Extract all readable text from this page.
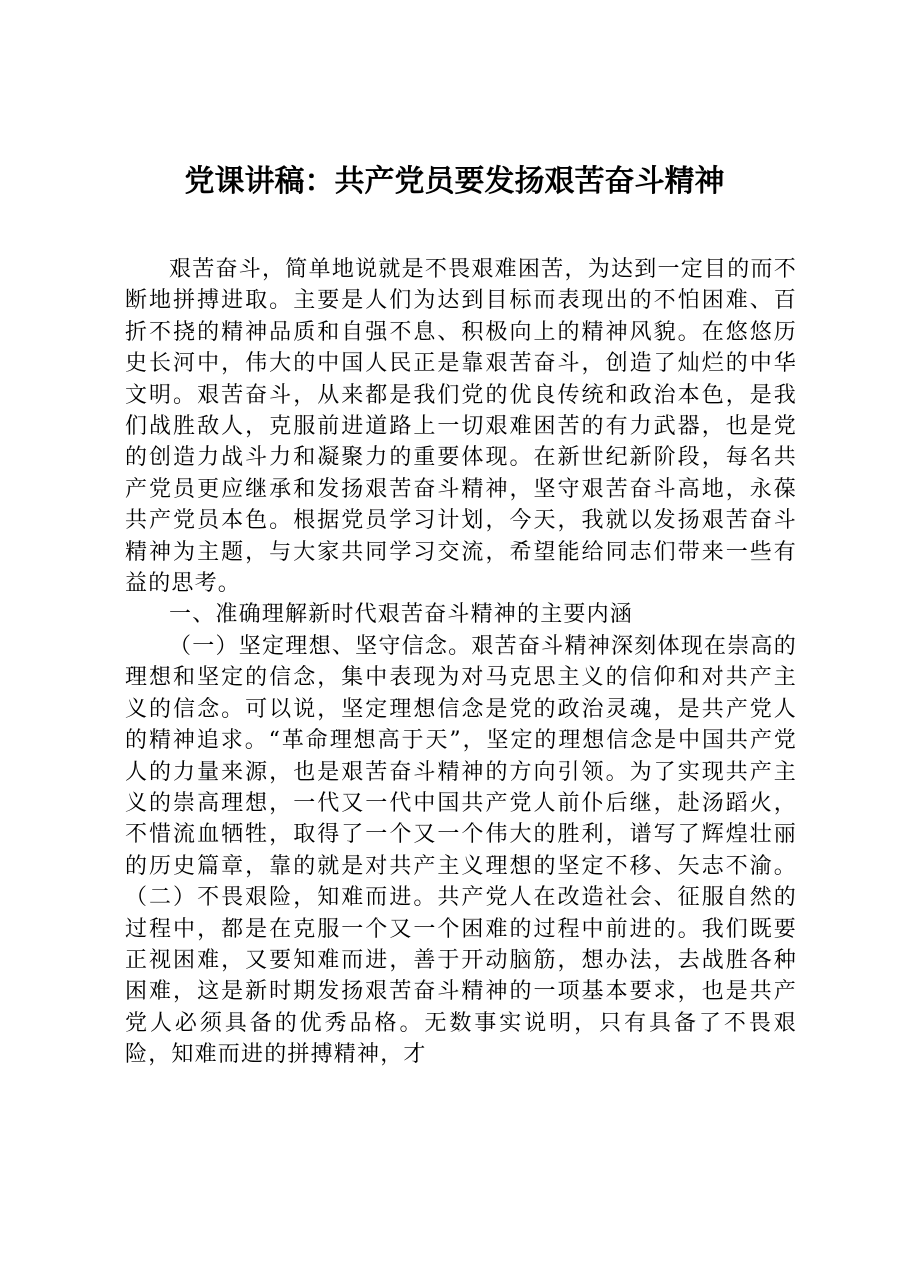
党课讲稿：共产党员要发扬艰苦奋斗精神

艰苦奋斗，简单地说就是不畏艰难困苦，为达到一定目的而不断地拼搏进取。主要是人们为达到目标而表现出的不怕困难、百折不挠的精神品质和自强不息、积极向上的精神风貌。在悠悠历史长河中，伟大的中国人民正是靠艰苦奋斗，创造了灿烂的中华文明。艰苦奋斗，从来都是我们党的优良传统和政治本色，是我们战胜敌人，克服前进道路上一切艰难困苦的有力武器，也是党的创造力战斗力和凝聚力的重要体现。在新世纪新阶段，每名共产党员更应继承和发扬艰苦奋斗精神，坚守艰苦奋斗高地，永葆共产党员本色。根据党员学习计划，今天，我就以发扬艰苦奋斗精神为主题，与大家共同学习交流，希望能给同志们带来一些有益的思考。

一、准确理解新时代艰苦奋斗精神的主要内涵

（一）坚定理想、坚守信念。艰苦奋斗精神深刻体现在崇高的理想和坚定的信念，集中表现为对马克思主义的信仰和对共产主义的信念。可以说，坚定理想信念是党的政治灵魂，是共产党人的精神追求。“革命理想高于天”，坚定的理想信念是中国共产党人的力量来源，也是艰苦奋斗精神的方向引领。为了实现共产主义的崇高理想，一代又一代中国共产党人前仆后继，赴汤蹈火，不惜流血牺牲，取得了一个又一个伟大的胜利，谱写了辉煌壮丽的历史篇章，靠的就是对共产主义理想的坚定不移、矢志不渝。（二）不畏艰险，知难而进。共产党人在改造社会、征服自然的过程中，都是在克服一个又一个困难的过程中前进的。我们既要正视困难，又要知难而进，善于开动脑筋，想办法，去战胜各种困难，这是新时期发扬艰苦奋斗精神的一项基本要求，也是共产党人必须具备的优秀品格。无数事实说明，只有具备了不畏艰险，知难而进的拼搏精神，才
